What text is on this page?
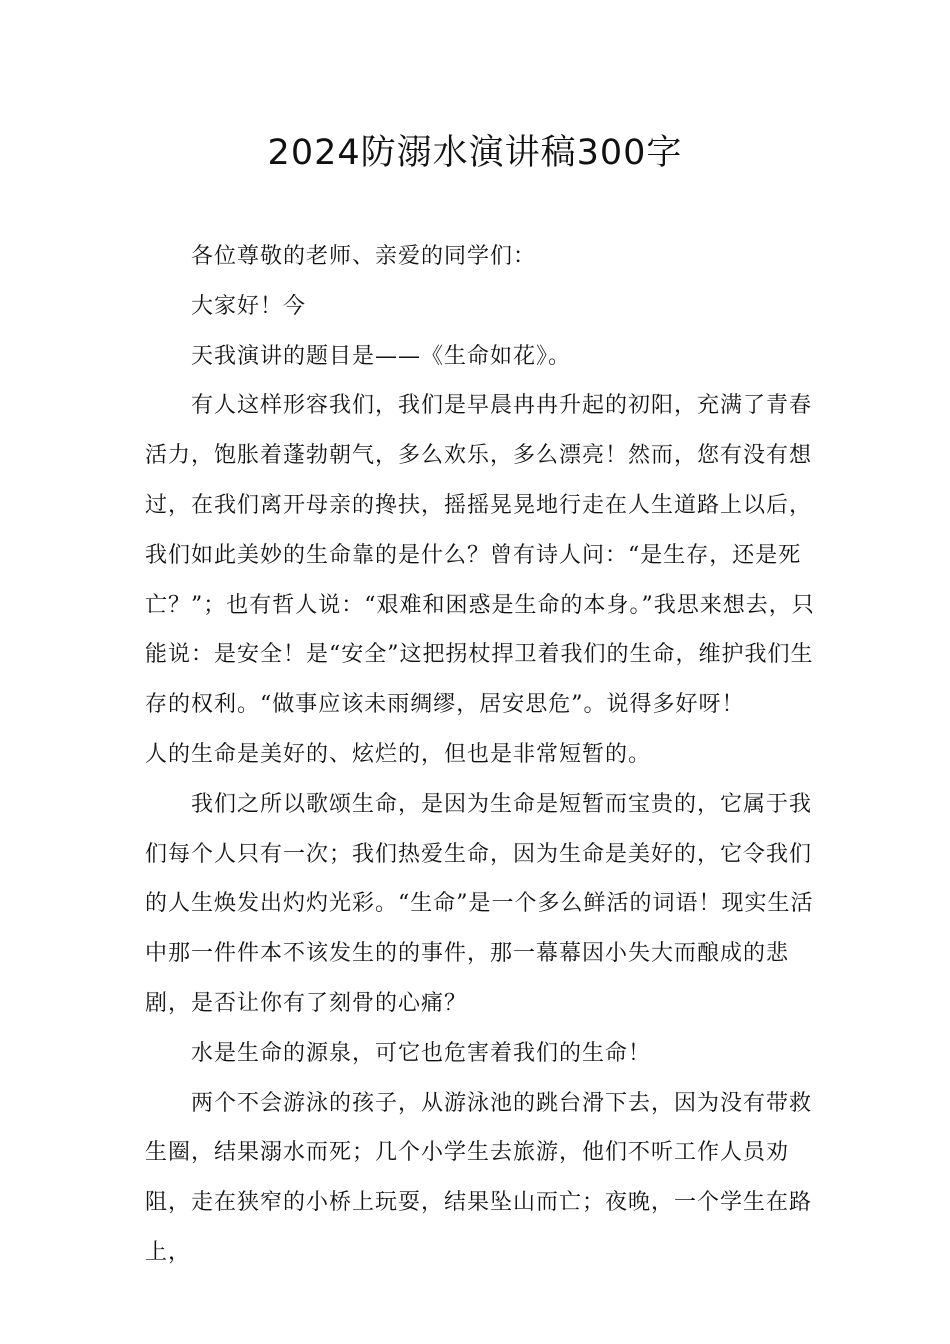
2024防溺水演讲稿300字

各位尊敬的老师、亲爱的同学们：

大家好！今

天我演讲的题目是——《生命如花》。

有人这样形容我们，我们是早晨冉冉升起的初阳，充满了青春活力，饱胀着蓬勃朝气，多么欢乐，多么漂亮！然而，您有没有想过，在我们离开母亲的搀扶，摇摇晃晃地行走在人生道路上以后，我们如此美妙的生命靠的是什么？曾有诗人问：“是生存，还是死亡？”；也有哲人说：“艰难和困惑是生命的本身。”我思来想去，只能说：是安全！是“安全”这把拐杖捍卫着我们的生命，维护我们生存的权利。“做事应该未雨绸缪，居安思危”。说得多好呀！

人的生命是美好的、炫烂的，但也是非常短暂的。

我们之所以歌颂生命，是因为生命是短暂而宝贵的，它属于我们每个人只有一次；我们热爱生命，因为生命是美好的，它令我们的人生焕发出灼灼光彩。“生命”是一个多么鲜活的词语！现实生活中那一件件本不该发生的的事件，那一幕幕因小失大而酿成的悲剧，是否让你有了刻骨的心痛？

水是生命的源泉，可它也危害着我们的生命！

两个不会游泳的孩子，从游泳池的跳台滑下去，因为没有带救生圈，结果溺水而死；几个小学生去旅游，他们不听工作人员劝阻，走在狭窄的小桥上玩耍，结果坠山而亡；夜晚，一个学生在路上，
